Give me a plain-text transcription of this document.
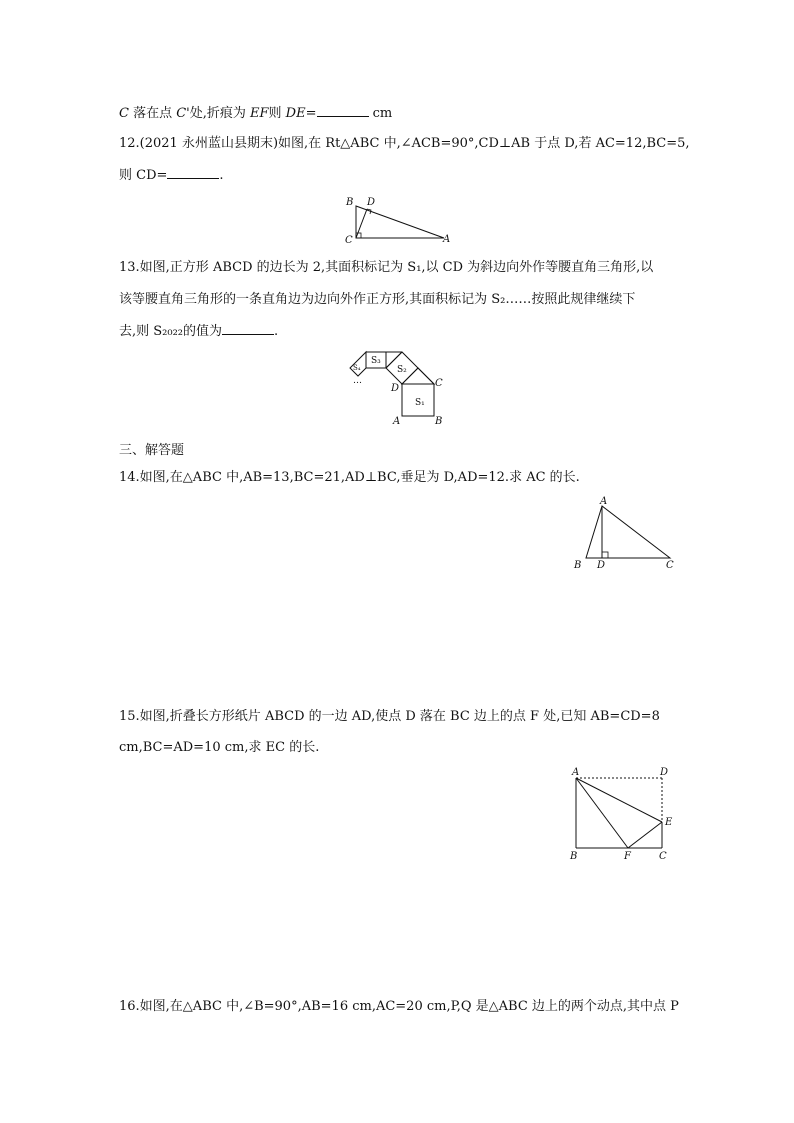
C 落在点 C'处,折痕为 EF则 DE=	cm
12.(2021 永州蓝山县期末)如图,在 Rt△ABC 中,∠ACB=90°,CD⊥AB 于点 D,若 AC=12,BC=5,
则 CD=	.
B D
C	A
13.如图,正方形 ABCD 的边长为 2,其面积标记为 S₁,以 CD 为斜边向外作等腰直角三角形,以
该等腰直角三角形的一条直角边为边向外作正方形,其面积标记为 S₂……按照此规律继续下
去,则 S₂₀₂₂的值为	.
S₁
S₂
S₃
S₄
…	C
D
A	B
三、解答题
14.如图,在△ABC 中,AB=13,BC=21,AD⊥BC,垂足为 D,AD=12.求 AC 的长.
A
B D	C
15.如图,折叠长方形纸片 ABCD 的一边 AD,使点 D 落在 BC 边上的点 F 处,已知 AB=CD=8
cm,BC=AD=10 cm,求 EC 的长.
A	D
E
B	F	C
16.如图,在△ABC 中,∠B=90°,AB=16 cm,AC=20 cm,P,Q 是△ABC 边上的两个动点,其中点 P
